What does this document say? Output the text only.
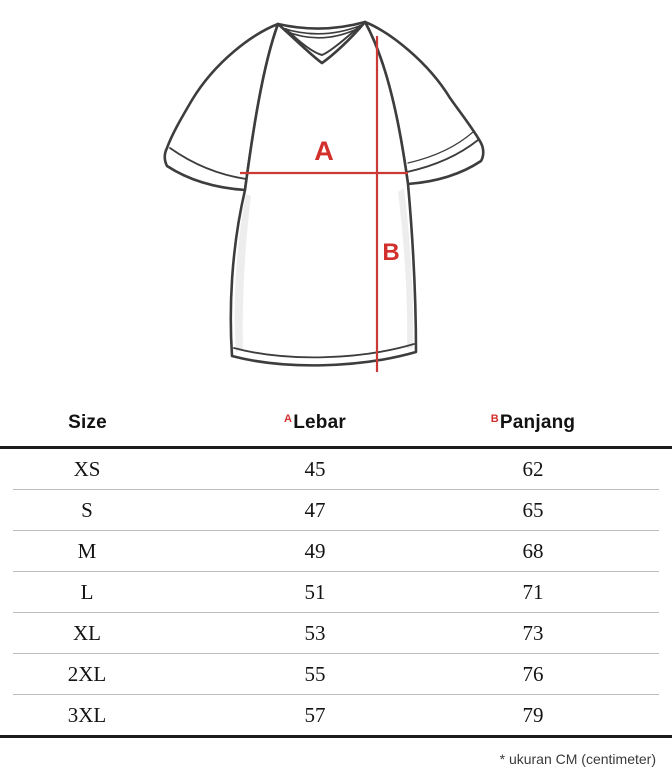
A
B
Size	$^A$Lebar	$^B$Panjang
XS	45	62
S	47	65
M	49	68
L	51	71
XL	53	73
2XL	55	76
3XL	57	79
* ukuran CM (centimeter)
